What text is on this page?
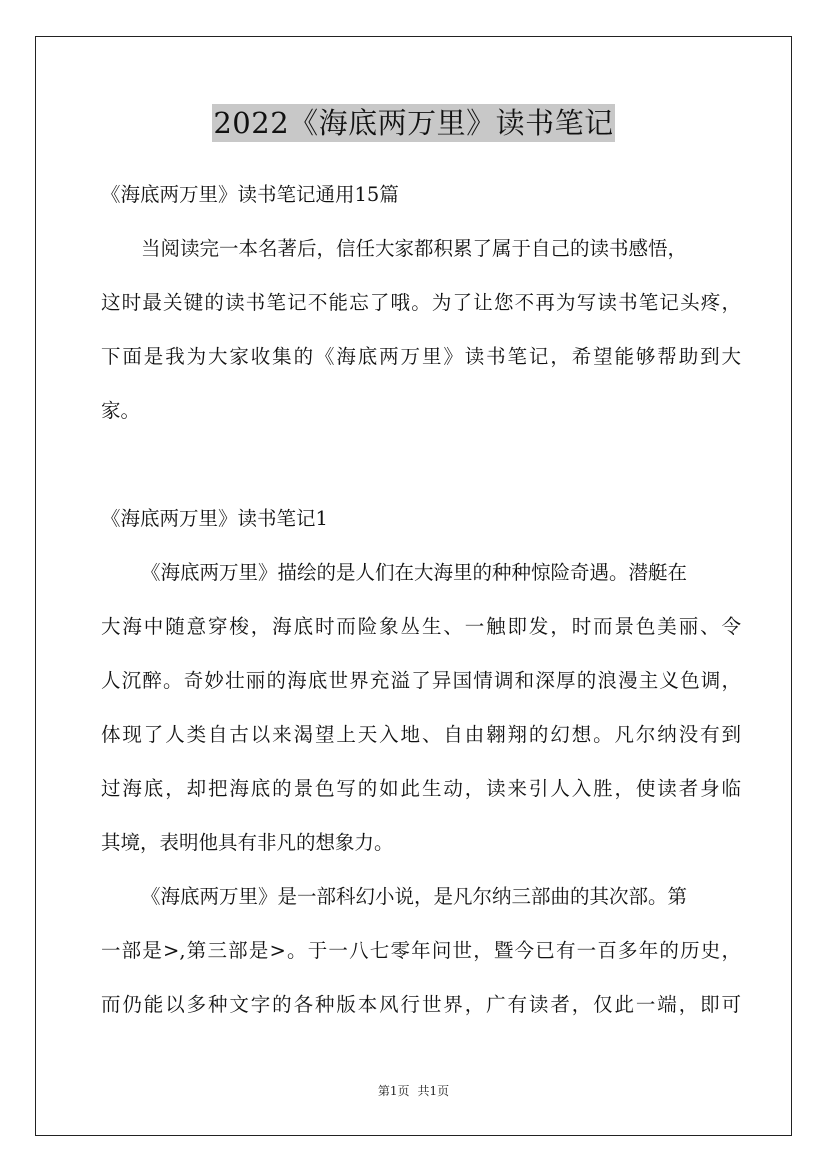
2022《海底两万里》读书笔记
《海底两万里》读书笔记通用15篇
当阅读完一本名著后，信任大家都积累了属于自己的读书感悟，
这时最关键的读书笔记不能忘了哦。为了让您不再为写读书笔记头疼，
下面是我为大家收集的《海底两万里》读书笔记，希望能够帮助到大
家。
《海底两万里》读书笔记1
《海底两万里》描绘的是人们在大海里的种种惊险奇遇。潜艇在
大海中随意穿梭，海底时而险象丛生、一触即发，时而景色美丽、令
人沉醉。奇妙壮丽的海底世界充溢了异国情调和深厚的浪漫主义色调，
体现了人类自古以来渴望上天入地、自由翱翔的幻想。凡尔纳没有到
过海底，却把海底的景色写的如此生动，读来引人入胜，使读者身临
其境，表明他具有非凡的想象力。
《海底两万里》是一部科幻小说，是凡尔纳三部曲的其次部。第
一部是>,第三部是>。于一八七零年问世，暨今已有一百多年的历史，
而仍能以多种文字的各种版本风行世界，广有读者，仅此一端，即可
第1页 共1页
